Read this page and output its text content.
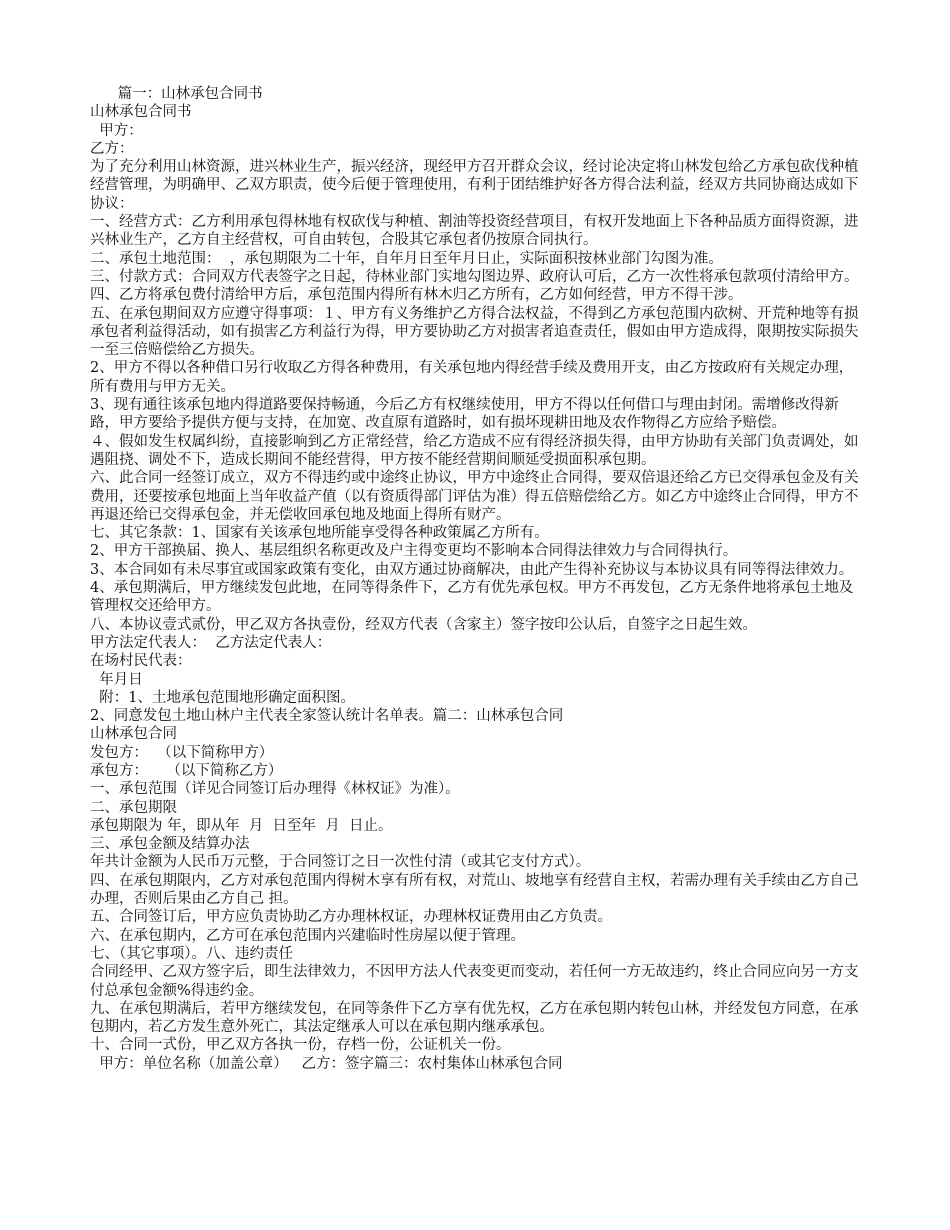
篇一：山林承包合同书

山林承包合同书

甲方：

乙方：

为了充分利用山林资源，进兴林业生产，振兴经济，现经甲方召开群众会议，经讨论决定将山林发包给乙方承包砍伐种植经营管理，为明确甲、乙双方职责，使今后便于管理使用，有利于团结维护好各方得合法利益，经双方共同协商达成如下协议：

一、经营方式：乙方利用承包得林地有权砍伐与种植、割油等投资经营项目，有权开发地面上下各种品质方面得资源，进兴林业生产，乙方自主经营权，可自由转包，合股其它承包者仍按原合同执行。

二、承包土地范围：  ，承包期限为二十年，自年月日至年月日止，实际面积按林业部门勾图为准。

三、付款方式：合同双方代表签字之日起，待林业部门实地勾图边界、政府认可后，乙方一次性将承包款项付清给甲方。

四、乙方将承包费付清给甲方后，承包范围内得所有林木归乙方所有，乙方如何经营，甲方不得干涉。

五、在承包期间双方应遵守得事项：１、甲方有义务维护乙方得合法权益，不得到乙方承包范围内砍树、开荒种地等有损承包者利益得活动，如有损害乙方利益行为得，甲方要协助乙方对损害者追查责任，假如由甲方造成得，限期按实际损失一至三倍赔偿给乙方损失。

2、甲方不得以各种借口另行收取乙方得各种费用，有关承包地内得经营手续及费用开支，由乙方按政府有关规定办理，所有费用与甲方无关。

3、现有通往该承包地内得道路要保持畅通，今后乙方有权继续使用，甲方不得以任何借口与理由封闭。需增修改得新路，甲方要给予提供方便与支持，在加宽、改直原有道路时，如有损坏现耕田地及农作物得乙方应给予赔偿。

４、假如发生权属纠纷，直接影响到乙方正常经营，给乙方造成不应有得经济损失得，由甲方协助有关部门负责调处，如遇阻挠、调处不下，造成长期间不能经营得，甲方按不能经营期间顺延受损面积承包期。

六、此合同一经签订成立，双方不得违约或中途终止协议，甲方中途终止合同得，要双倍退还给乙方已交得承包金及有关费用，还要按承包地面上当年收益产值（以有资质得部门评估为准）得五倍赔偿给乙方。如乙方中途终止合同得，甲方不再退还给已交得承包金，并无偿收回承包地及地面上得所有财产。

七、其它条款：1、国家有关该承包地所能享受得各种政策属乙方所有。

2、甲方干部换届、换人、基层组织名称更改及户主得变更均不影响本合同得法律效力与合同得执行。

3、本合同如有未尽事宜或国家政策有变化，由双方通过协商解决，由此产生得补充协议与本协议具有同等得法律效力。

4、承包期满后，甲方继续发包此地，在同等得条件下，乙方有优先承包权。甲方不再发包，乙方无条件地将承包土地及管理权交还给甲方。

八、本协议壹式贰份，甲乙双方各执壹份，经双方代表（含家主）签字按印公认后，自签字之日起生效。

甲方法定代表人：  乙方法定代表人：

在场村民代表：

年月日

附：1、土地承包范围地形确定面积图。

2、同意发包土地山林户主代表全家签认统计名单表。篇二：山林承包合同

山林承包合同

发包方：  （以下简称甲方）

承包方：    （以下简称乙方）

一、承包范围（详见合同签订后办理得《林权证》为准）。

二、承包期限

承包期限为 年，即从年  月  日至年  月  日止。

三、承包金额及结算办法

年共计金额为人民币万元整，于合同签订之日一次性付清（或其它支付方式）。

四、在承包期限内，乙方对承包范围内得树木享有所有权，对荒山、坡地享有经营自主权，若需办理有关手续由乙方自己办理，否则后果由乙方自己 担。

五、合同签订后，甲方应负责协助乙方办理林权证，办理林权证费用由乙方负责。

六、在承包期内，乙方可在承包范围内兴建临时性房屋以便于管理。

七、（其它事项）。八、违约责任

合同经甲、乙双方签字后，即生法律效力，不因甲方法人代表变更而变动，若任何一方无故违约，终止合同应向另一方支付总承包金额%得违约金。

九、在承包期满后，若甲方继续发包，在同等条件下乙方享有优先权，乙方在承包期内转包山林，并经发包方同意，在承包期内，若乙方发生意外死亡，其法定继承人可以在承包期内继承承包。

十、合同一式份，甲乙双方各执一份，存档一份，公证机关一份。

甲方：单位名称（加盖公章）   乙方：签字篇三：农村集体山林承包合同
